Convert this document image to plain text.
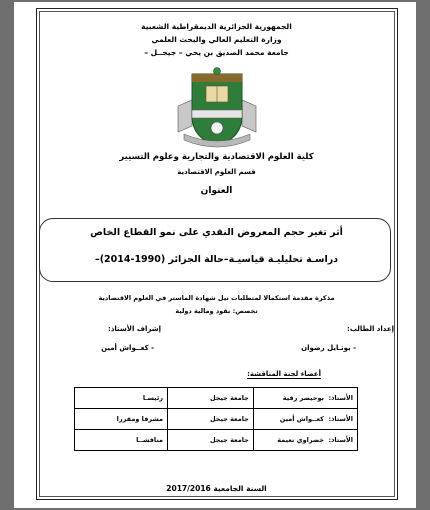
الجمهورية الجزائرية الديمقراطية الشعبية
وزارة التعليم العالي والبحث العلمي
جامعة محمد الصديق بن يحي – جيجــل –
كلية العلوم الاقتصادية والتجارية وعلوم التسيير
قسم العلوم الاقتصادية
العنوان
أثر تغير حجم المعروض النقدي على نمو القطاع الخاص
دراسـة تحليليـة قياسيـة–حالة الجزائر (1990-2014)–
مذكرة مقدمة استكمالا لمتطلبات نيل شهادة الماستر في العلوم الاقتصادية
تخصص: نقود ومالية دولية
إعداد الطالب:
- بوتـايل رضوان
إشراف الأستاذ:
- كعــواش أمين
أعضاء لجنة المناقشة:
الأستاذ:  بوحيضر رقية	جامعة جيجل	رئيسـا
الأستاذ:  كعــواش أمين	جامعة جيجل	مشرفا ومقررا
الأستاذ:  خضراوي نعيمة	جامعة جيجل	مناقشــا
السنة الجامعية 2017/2016
